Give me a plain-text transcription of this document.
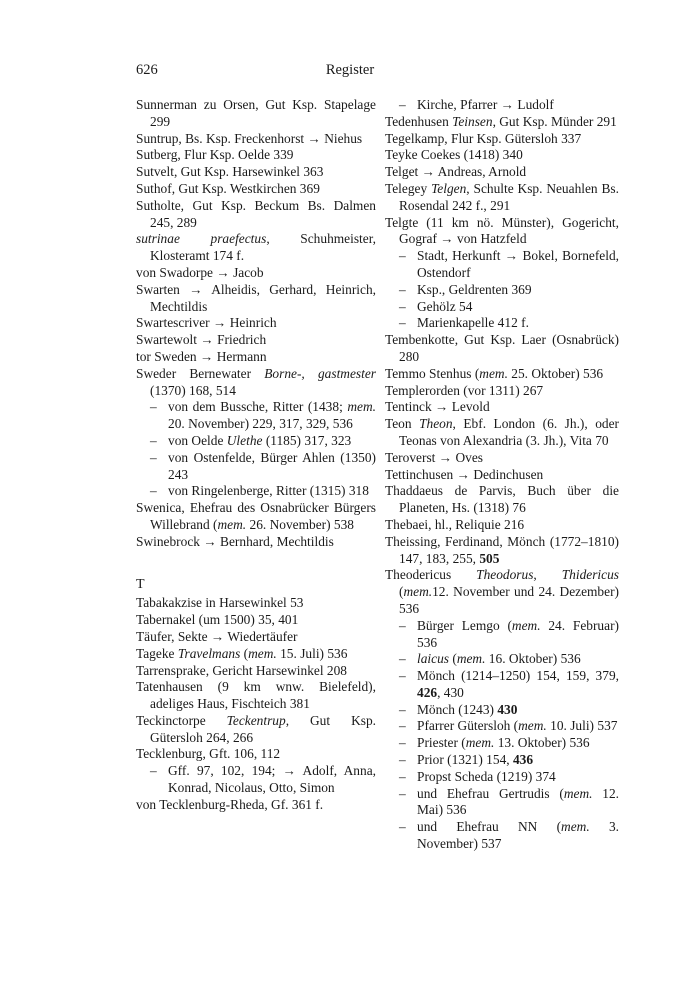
626	Register
Sunnerman zu Orsen, Gut Ksp. Stapelage 299
Suntrup, Bs. Ksp. Freckenhorst → Niehus
Sutberg, Flur Ksp. Oelde 339
Sutvelt, Gut Ksp. Harsewinkel 363
Suthof, Gut Ksp. Westkirchen 369
Sutholte, Gut Ksp. Beckum Bs. Dalmen 245, 289
sutrinae praefectus, Schuhmeister, Klosteramt 174 f.
von Swadorpe → Jacob
Swarten → Alheidis, Gerhard, Heinrich, Mechtildis
Swartescriver → Heinrich
Swartewolt → Friedrich
tor Sweden → Hermann
Sweder Bernewater Borne-, gastmester (1370) 168, 514
– von dem Bussche, Ritter (1438; mem. 20. November) 229, 317, 329, 536
– von Oelde Ulethe (1185) 317, 323
– von Ostenfelde, Bürger Ahlen (1350) 243
– von Ringelenberge, Ritter (1315) 318
Swenica, Ehefrau des Osnabrücker Bürgers Willebrand (mem. 26. November) 538
Swinebrock → Bernhard, Mechtildis
T
Tabakakzise in Harsewinkel 53
Tabernakel (um 1500) 35, 401
Täufer, Sekte → Wiedertäufer
Tageke Travelmans (mem. 15. Juli) 536
Tarrensprake, Gericht Harsewinkel 208
Tatenhausen (9 km wnw. Bielefeld), adeliges Haus, Fischteich 381
Teckinctorpe Teckentrup, Gut Ksp. Gütersloh 264, 266
Tecklenburg, Gft. 106, 112
– Gff. 97, 102, 194; → Adolf, Anna, Konrad, Nicolaus, Otto, Simon
von Tecklenburg-Rheda, Gf. 361 f.
– Kirche, Pfarrer → Ludolf
Tedenhusen Teinsen, Gut Ksp. Münder 291
Tegelkamp, Flur Ksp. Gütersloh 337
Teyke Coekes (1418) 340
Telget → Andreas, Arnold
Telegey Telgen, Schulte Ksp. Neuahlen Bs. Rosendal 242 f., 291
Telgte (11 km nö. Münster), Gogericht, Gograf → von Hatzfeld
– Stadt, Herkunft → Bokel, Bornefeld, Ostendorf
– Ksp., Geldrenten 369
– Gehölz 54
– Marienkapelle 412 f.
Tembenkotte, Gut Ksp. Laer (Osnabrück) 280
Temmo Stenhus (mem. 25. Oktober) 536
Templerorden (vor 1311) 267
Tentinck → Levold
Teon Theon, Ebf. London (6. Jh.), oder Teonas von Alexandria (3. Jh.), Vita 70
Teroverst → Oves
Tettinchusen → Dedinchusen
Thaddaeus de Parvis, Buch über die Planeten, Hs. (1318) 76
Thebaei, hl., Reliquie 216
Theissing, Ferdinand, Mönch (1772–1810) 147, 183, 255, 505
Theodericus Theodorus, Thidericus (mem.12. November und 24. Dezember) 536
– Bürger Lemgo (mem. 24. Februar) 536
– laicus (mem. 16. Oktober) 536
– Mönch (1214–1250) 154, 159, 379, 426, 430
– Mönch (1243) 430
– Pfarrer Gütersloh (mem. 10. Juli) 537
– Priester (mem. 13. Oktober) 536
– Prior (1321) 154, 436
– Propst Scheda (1219) 374
– und Ehefrau Gertrudis (mem. 12. Mai) 536
– und Ehefrau NN (mem. 3. November) 537
